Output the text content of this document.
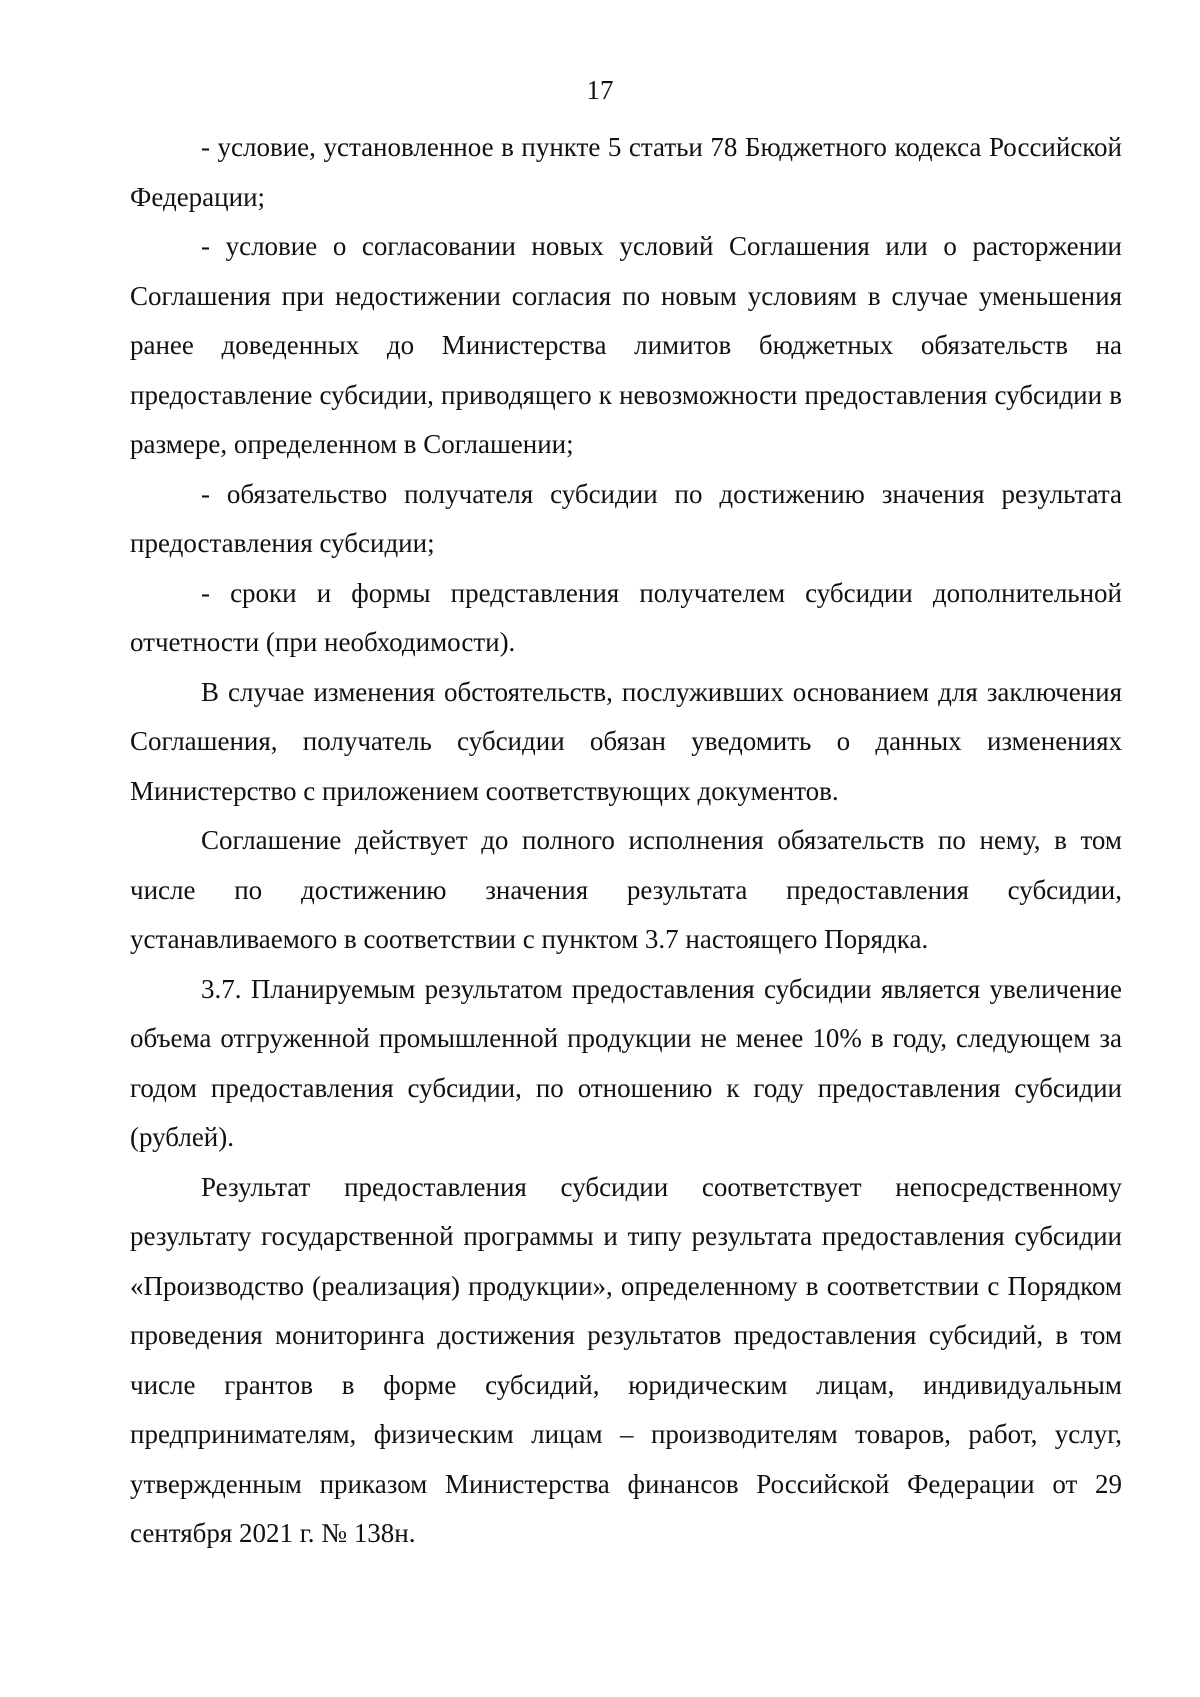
17

- условие, установленное в пункте 5 статьи 78 Бюджетного кодекса Российской Федерации;

- условие о согласовании новых условий Соглашения или о расторжении Соглашения при недостижении согласия по новым условиям в случае уменьшения ранее доведенных до Министерства лимитов бюджетных обязательств на предоставление субсидии, приводящего к невозможности предоставления субсидии в размере, определенном в Соглашении;

- обязательство получателя субсидии по достижению значения результата предоставления субсидии;

- сроки и формы представления получателем субсидии дополнительной отчетности (при необходимости).

В случае изменения обстоятельств, послуживших основанием для заключения Соглашения, получатель субсидии обязан уведомить о данных изменениях Министерство с приложением соответствующих документов.

Соглашение действует до полного исполнения обязательств по нему, в том числе по достижению значения результата предоставления субсидии, устанавливаемого в соответствии с пунктом 3.7 настоящего Порядка.

3.7. Планируемым результатом предоставления субсидии является увеличение объема отгруженной промышленной продукции не менее 10% в году, следующем за годом предоставления субсидии, по отношению к году предоставления субсидии (рублей).

Результат предоставления субсидии соответствует непосредственному результату государственной программы и типу результата предоставления субсидии «Производство (реализация) продукции», определенному в соответствии с Порядком проведения мониторинга достижения результатов предоставления субсидий, в том числе грантов в форме субсидий, юридическим лицам, индивидуальным предпринимателям, физическим лицам – производителям товаров, работ, услуг, утвержденным приказом Министерства финансов Российской Федерации от 29 сентября 2021 г. № 138н.
